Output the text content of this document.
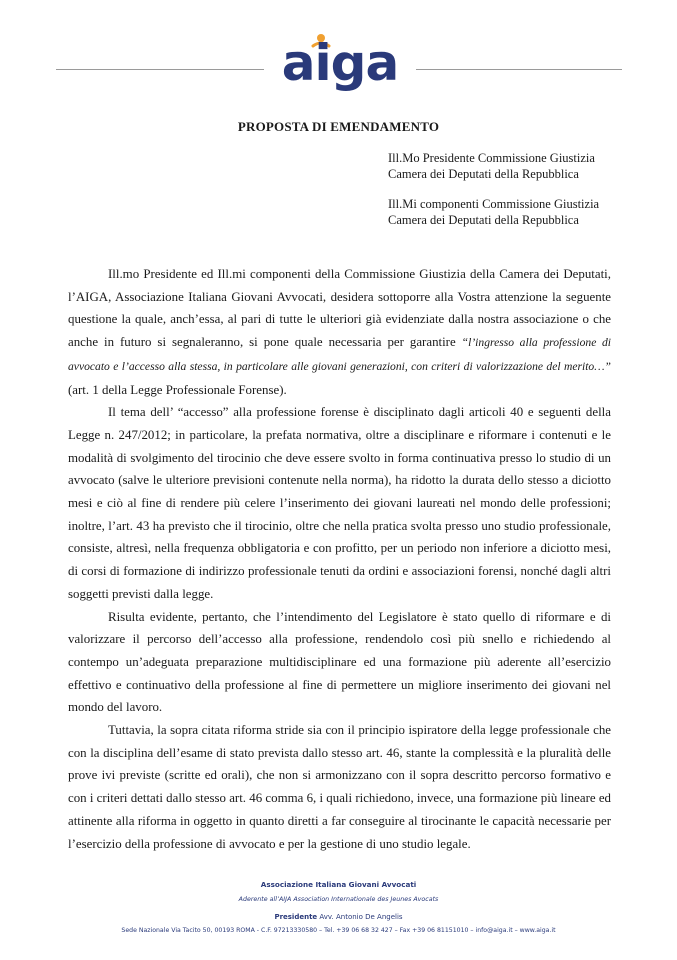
aiga
PROPOSTA DI EMENDAMENTO
Ill.Mo Presidente Commissione Giustizia
Camera dei Deputati della Repubblica
Ill.Mi componenti Commissione Giustizia
Camera dei Deputati della Repubblica

Ill.mo Presidente ed Ill.mi componenti della Commissione Giustizia della Camera dei Deputati, l’AIGA, Associazione Italiana Giovani Avvocati, desidera sottoporre alla Vostra attenzione la seguente questione la quale, anch’essa, al pari di tutte le ulteriori già evidenziate dalla nostra associazione o che anche in futuro si segnaleranno, si pone quale necessaria per garantire “l’ingresso alla professione di avvocato e l’accesso alla stessa, in particolare alle giovani generazioni, con criteri di valorizzazione del merito…” (art. 1 della Legge Professionale Forense).

Il tema dell’ “accesso” alla professione forense è disciplinato dagli articoli 40 e seguenti della Legge n. 247/2012; in particolare, la prefata normativa, oltre a disciplinare e riformare i contenuti e le modalità di svolgimento del tirocinio che deve essere svolto in forma continuativa presso lo studio di un avvocato (salve le ulteriore previsioni contenute nella norma), ha ridotto la durata dello stesso a diciotto mesi e ciò al fine di rendere più celere l’inserimento dei giovani laureati nel mondo delle professioni; inoltre, l’art. 43 ha previsto che il tirocinio, oltre che nella pratica svolta presso uno studio professionale, consiste, altresì, nella frequenza obbligatoria e con profitto, per un periodo non inferiore a diciotto mesi, di corsi di formazione di indirizzo professionale tenuti da ordini e associazioni forensi, nonché dagli altri soggetti previsti dalla legge.

Risulta evidente, pertanto, che l’intendimento del Legislatore è stato quello di riformare e di valorizzare il percorso dell’accesso alla professione, rendendolo così più snello e richiedendo al contempo un’adeguata preparazione multidisciplinare ed una formazione più aderente all’esercizio effettivo e continuativo della professione al fine di permettere un migliore inserimento dei giovani nel mondo del lavoro.

Tuttavia, la sopra citata riforma stride sia con il principio ispiratore della legge professionale che con la disciplina dell’esame di stato prevista dallo stesso art. 46, stante la complessità e la pluralità delle prove ivi previste (scritte ed orali), che non si armonizzano con il sopra descritto percorso formativo e con i criteri dettati dallo stesso art. 46 comma 6, i quali richiedono, invece, una formazione più lineare ed attinente alla riforma in oggetto in quanto diretti a far conseguire al tirocinante le capacità necessarie per l’esercizio della professione di avvocato e per la gestione di uno studio legale.

Associazione Italiana Giovani Avvocati
Aderente all’AIJA Association Internationale des Jeunes Avocats
Presidente Avv. Antonio De Angelis
Sede Nazionale Via Tacito 50, 00193 ROMA - C.F. 97213330580 – Tel. +39 06 68 32 427 – Fax +39 06 81151010 – info@aiga.it – www.aiga.it
